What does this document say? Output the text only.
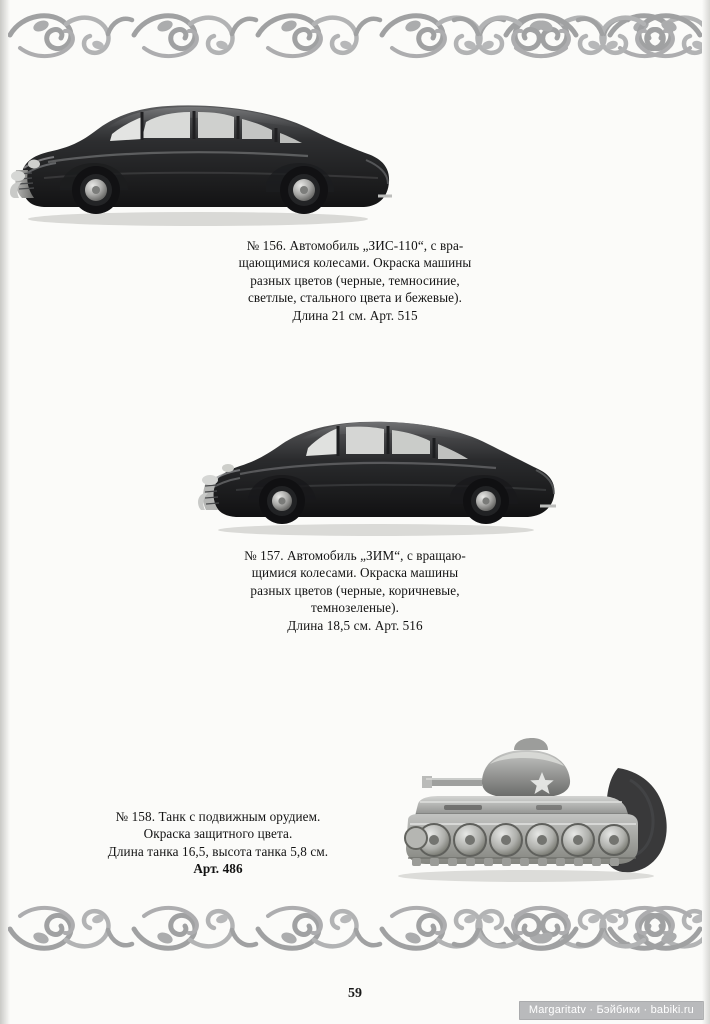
№ 156. Автомобиль „ЗИС-110“, с вра-
щающимися колесами. Окраска машины
разных цветов (черные, темносиние,
светлые, стального цвета и бежевые).
Длина 21 см. Арт. 515
№ 157. Автомобиль „ЗИМ“, с вращаю-
щимися колесами. Окраска машины
разных цветов (черные, коричневые,
темнозеленые).
Длина 18,5 см. Арт. 516
№ 158. Танк с подвижным орудием.
Окраска защитного цвета.
Длина танка 16,5, высота танка 5,8 см.
Арт. 486
59
Margaritatv · Бэйбики · babiki.ru
